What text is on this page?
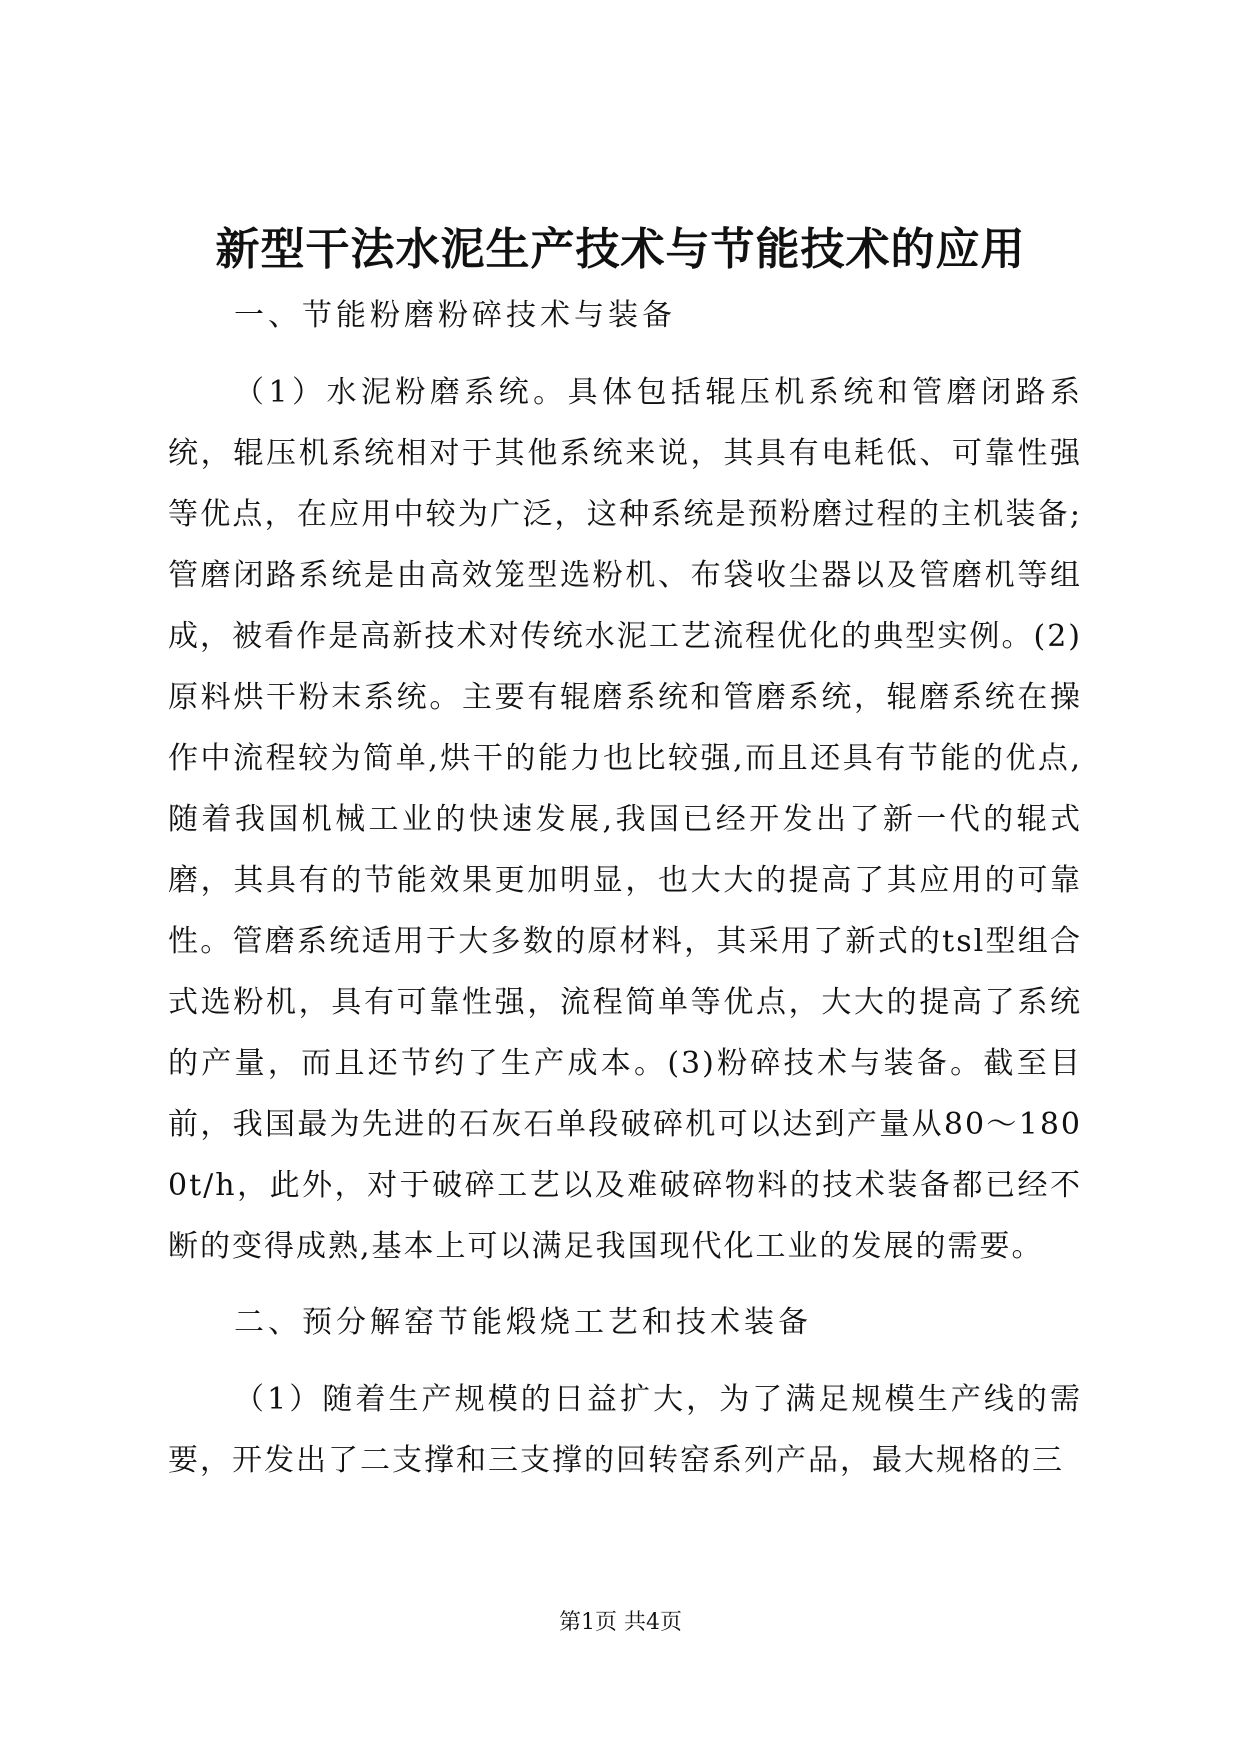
新型干法水泥生产技术与节能技术的应用

一、节能粉磨粉碎技术与装备

（1）水泥粉磨系统。具体包括辊压机系统和管磨闭路系统，辊压机系统相对于其他系统来说，其具有电耗低、可靠性强等优点，在应用中较为广泛，这种系统是预粉磨过程的主机装备;管磨闭路系统是由高效笼型选粉机、布袋收尘器以及管磨机等组成，被看作是高新技术对传统水泥工艺流程优化的典型实例。(2)原料烘干粉末系统。主要有辊磨系统和管磨系统，辊磨系统在操作中流程较为简单,烘干的能力也比较强,而且还具有节能的优点,随着我国机械工业的快速发展,我国已经开发出了新一代的辊式磨，其具有的节能效果更加明显，也大大的提高了其应用的可靠性。管磨系统适用于大多数的原材料，其采用了新式的tsl型组合式选粉机，具有可靠性强，流程简单等优点，大大的提高了系统的产量，而且还节约了生产成本。(3)粉碎技术与装备。截至目前，我国最为先进的石灰石单段破碎机可以达到产量从80～1800t/h，此外，对于破碎工艺以及难破碎物料的技术装备都已经不断的变得成熟,基本上可以满足我国现代化工业的发展的需要。

二、预分解窑节能煅烧工艺和技术装备

（1）随着生产规模的日益扩大，为了满足规模生产线的需要，开发出了二支撑和三支撑的回转窑系列产品，最大规格的三

第1页 共4页
